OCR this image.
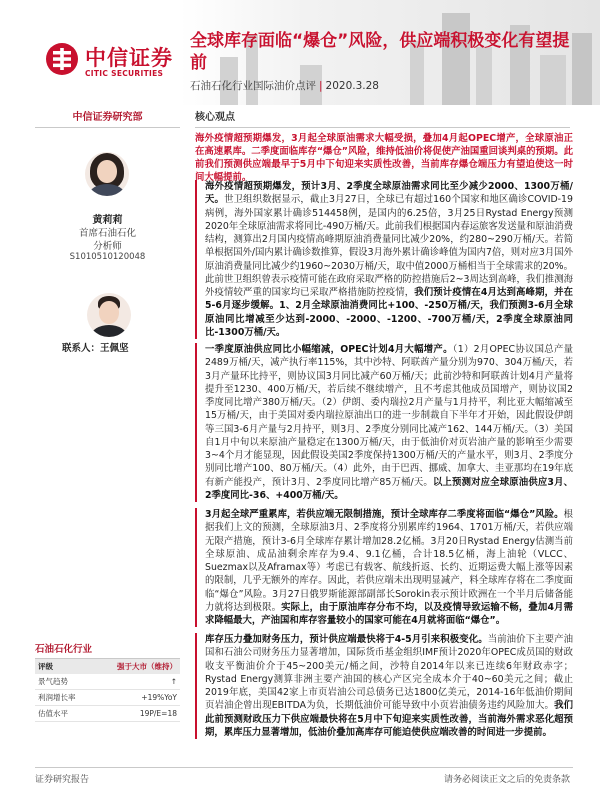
中信证券
CITIC SECURITIES
全球库存面临“爆仓”风险，供应端积极变化有望提前
石油石化行业国际油价点评 | 2020.3.28
中信证券研究部	核心观点
黄莉莉
首席石油石化
分析师
S1010510120048
联系人：王佩坚
石油石化行业
评级	强于大市（维持）
景气趋势	↑
利润增长率	+19%YoY
估值水平	19P/E=18
海外疫情超预期爆发，3月起全球原油需求大幅受损，叠加4月起OPEC增产，全球原油正在高速累库。二季度面临库存“爆仓”风险，维持低油价将促使产油国重回谈判桌的预期。此前我们预测供应端最早于5月中下旬迎来实质性改善，当前库存爆仓端压力有望迫使这一时间大幅提前。
海外疫情超预期爆发，预计3月、2季度全球原油需求同比至少减少2000、1300万桶/天。世卫组织数据显示，截止3月27日，全球已有超过160个国家和地区确诊COVID-19病例，海外国家累计确诊514458例，是国内的6.25倍，3月25日Rystad Energy预测2020年全球原油需求将同比-490万桶/天。此前我们根据国内春运旅客发送量和原油消费结构，测算出2月国内疫情高峰期原油消费量同比减少20%，约280~290万桶/天。若简单根据国外/国内累计确诊数推算，假设3月海外累计确诊峰值为国内7倍，则对应3月国外原油消费量同比减少约1960~2030万桶/天，取中值2000万桶相当于全球需求的20%。此前世卫组织曾表示疫情可能在政府采取严格的防控措施后2~3周达到高峰，我们推测海外疫情较严重的国家均已采取严格措施防控疫情，我们预计疫情在4月达到高峰期，并在5-6月逐步缓解。1、2月全球原油消费同比+100、-250万桶/天，我们预测3-6月全球原油同比增减至少达到-2000、-2000、-1200、-700万桶/天，2季度全球原油同比-1300万桶/天。
一季度原油供应同比小幅缩减，OPEC计划4月大幅增产。（1）2月OPEC协议国总产量2489万桶/天，减产执行率115%，其中沙特、阿联酋产量分别为970、304万桶/天，若3月产量环比持平，则协议国3月同比减产60万桶/天；此前沙特和阿联酋计划4月产量将提升至1230、400万桶/天，若后续不继续增产，且不考虑其他成员国增产，则协议国2季度同比增产380万桶/天。（2）伊朗、委内瑞拉2月产量与1月持平，利比亚大幅缩减至15万桶/天，由于美国对委内瑞拉原油出口的进一步制裁自下半年才开始，因此假设伊朗等三国3-6月产量与2月持平，则3月、2季度分别同比减产162、144万桶/天。（3）美国自1月中旬以来原油产量稳定在1300万桶/天，由于低油价对页岩油产量的影响至少需要3~4个月才能显现，因此假设美国2季度保持1300万桶/天的产量水平，则3月、2季度分别同比增产100、80万桶/天。（4）此外，由于巴西、挪威、加拿大、圭亚那均在19年底有新产能投产，预计3月、2季度同比增产85万桶/天。以上预测对应全球原油供应3月、2季度同比-36、+400万桶/天。
3月起全球严重累库，若供应端无限制措施，预计全球库存二季度将面临“爆仓”风险。根据我们上文的预测，全球原油3月、2季度将分别累库约1964、1701万桶/天，若供应端无限产措施，预计3-6月全球库存累计增加28.2亿桶。3月20日Rystad Energy估测当前全球原油、成品油剩余库存为9.4、9.1亿桶，合计18.5亿桶，海上油轮（VLCC、Suezmax以及Aframax等）考虑已有载客、航线折返、长约、近期运费大幅上涨等因素的限制，几乎无额外的库存。因此，若供应端未出现明显减产，料全球库存将在二季度面临“爆仓”风险。3月27日俄罗斯能源部副部长Sorokin表示预计欧洲在一个半月后储备能力就将达到极限。实际上，由于原油库存分布不均，以及疫情导致运输不畅，叠加4月需求降幅最大，产油国和库存容量较小的国家可能在4月就将面临“爆仓”。
库存压力叠加财务压力，预计供应端最快将于4-5月引来积极变化。当前油价下主要产油国和石油公司财务压力显著增加，国际货币基金组织IMF预计2020年OPEC成员国的财政收支平衡油价介于45~200美元/桶之间，沙特自2014年以来已连续6年财政赤字；Rystad Energy测算非洲主要产油国的核心产区完全成本介于40~60美元之间；截止2019年底，美国42家上市页岩油公司总债务已达1800亿美元，2014-16年低油价期间页岩油企曾出现EBITDA为负，长期低油价可能导致中小页岩油债务违约风险加大。我们此前预测财政压力下供应端最快将在5月中下旬迎来实质性改善，当前海外需求恶化超预期，累库压力显著增加，低油价叠加高库存可能迫使供应端改善的时间进一步提前。
证券研究报告	请务必阅读正文之后的免责条款
